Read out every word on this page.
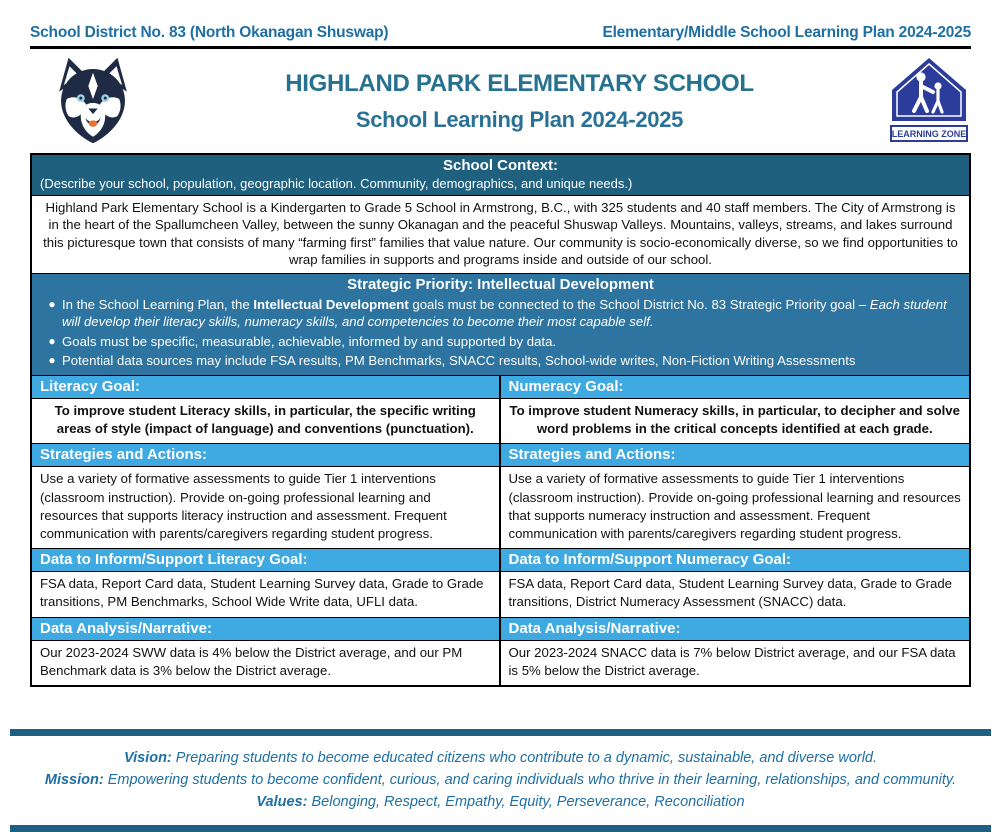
School District No. 83 (North Okanagan Shuswap)	Elementary/Middle School Learning Plan 2024-2025
HIGHLAND PARK ELEMENTARY SCHOOL
School Learning Plan 2024-2025
LEARNING ZONE
School Context:
(Describe your school, population, geographic location. Community, demographics, and unique needs.)
Highland Park Elementary School is a Kindergarten to Grade 5 School in Armstrong, B.C., with 325 students and 40 staff members. The City of Armstrong is in the heart of the Spallumcheen Valley, between the sunny Okanagan and the peaceful Shuswap Valleys. Mountains, valleys, streams, and lakes surround this picturesque town that consists of many “farming first” families that value nature. Our community is socio-economically diverse, so we find opportunities to wrap families in supports and programs inside and outside of our school.
Strategic Priority: Intellectual Development
● In the School Learning Plan, the Intellectual Development goals must be connected to the School District No. 83 Strategic Priority goal – Each student will develop their literacy skills, numeracy skills, and competencies to become their most capable self.
● Goals must be specific, measurable, achievable, informed by and supported by data.
● Potential data sources may include FSA results, PM Benchmarks, SNACC results, School-wide writes, Non-Fiction Writing Assessments
Literacy Goal:
To improve student Literacy skills, in particular, the specific writing areas of style (impact of language) and conventions (punctuation).
Strategies and Actions:
Use a variety of formative assessments to guide Tier 1 interventions (classroom instruction). Provide on-going professional learning and resources that supports literacy instruction and assessment. Frequent communication with parents/caregivers regarding student progress.
Data to Inform/Support Literacy Goal:
FSA data, Report Card data, Student Learning Survey data, Grade to Grade transitions, PM Benchmarks, School Wide Write data, UFLI data.
Data Analysis/Narrative:
Our 2023-2024 SWW data is 4% below the District average, and our PM Benchmark data is 3% below the District average.
Numeracy Goal:
To improve student Numeracy skills, in particular, to decipher and solve word problems in the critical concepts identified at each grade.
Strategies and Actions:
Use a variety of formative assessments to guide Tier 1 interventions (classroom instruction). Provide on-going professional learning and resources that supports numeracy instruction and assessment. Frequent communication with parents/caregivers regarding student progress.
Data to Inform/Support Numeracy Goal:
FSA data, Report Card data, Student Learning Survey data, Grade to Grade transitions, District Numeracy Assessment (SNACC) data.
Data Analysis/Narrative:
Our 2023-2024 SNACC data is 7% below District average, and our FSA data is 5% below the District average.
Vision: Preparing students to become educated citizens who contribute to a dynamic, sustainable, and diverse world.
Mission: Empowering students to become confident, curious, and caring individuals who thrive in their learning, relationships, and community.
Values: Belonging, Respect, Empathy, Equity, Perseverance, Reconciliation
